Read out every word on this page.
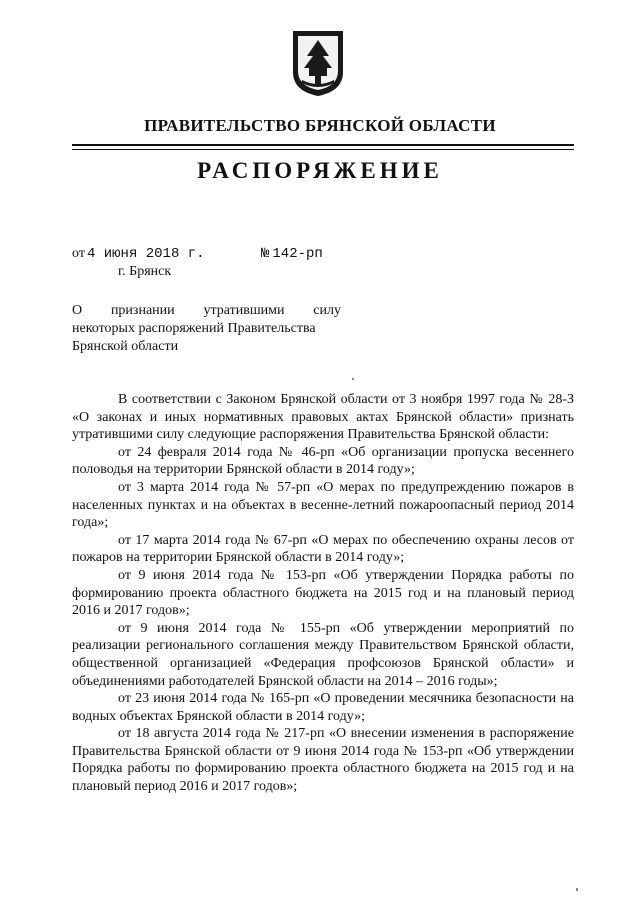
ПРАВИТЕЛЬСТВО БРЯНСКОЙ ОБЛАСТИ
РАСПОРЯЖЕНИЕ
от 4 июня 2018 г.	№ 142-рп
г. Брянск
О признании утратившими силу
некоторых распоряжений Правительства
Брянской области

В соответствии с Законом Брянской области от 3 ноября 1997 года № 28-З «О законах и иных нормативных правовых актах Брянской области» признать утратившими силу следующие распоряжения Правительства Брянской области:

от 24 февраля 2014 года № 46-рп «Об организации пропуска весеннего половодья на территории Брянской области в 2014 году»;

от 3 марта 2014 года № 57-рп «О мерах по предупреждению пожаров в населенных пунктах и на объектах в весенне-летний пожароопасный период 2014 года»;

от 17 марта 2014 года № 67-рп «О мерах по обеспечению охраны лесов от пожаров на территории Брянской области в 2014 году»;

от 9 июня 2014 года № 153-рп «Об утверждении Порядка работы по формированию проекта областного бюджета на 2015 год и на плановый период 2016 и 2017 годов»;

от 9 июня 2014 года № 155-рп «Об утверждении мероприятий по реализации регионального соглашения между Правительством Брянской области, общественной организацией «Федерация профсоюзов Брянской области» и объединениями работодателей Брянской области на 2014 – 2016 годы»;

от 23 июня 2014 года № 165-рп «О проведении месячника безопасности на водных объектах Брянской области в 2014 году»;

от 18 августа 2014 года № 217-рп «О внесении изменения в распоряжение Правительства Брянской области от 9 июня 2014 года № 153-рп «Об утверждении Порядка работы по формированию проекта областного бюджета на 2015 год и на плановый период 2016 и 2017 годов»;
